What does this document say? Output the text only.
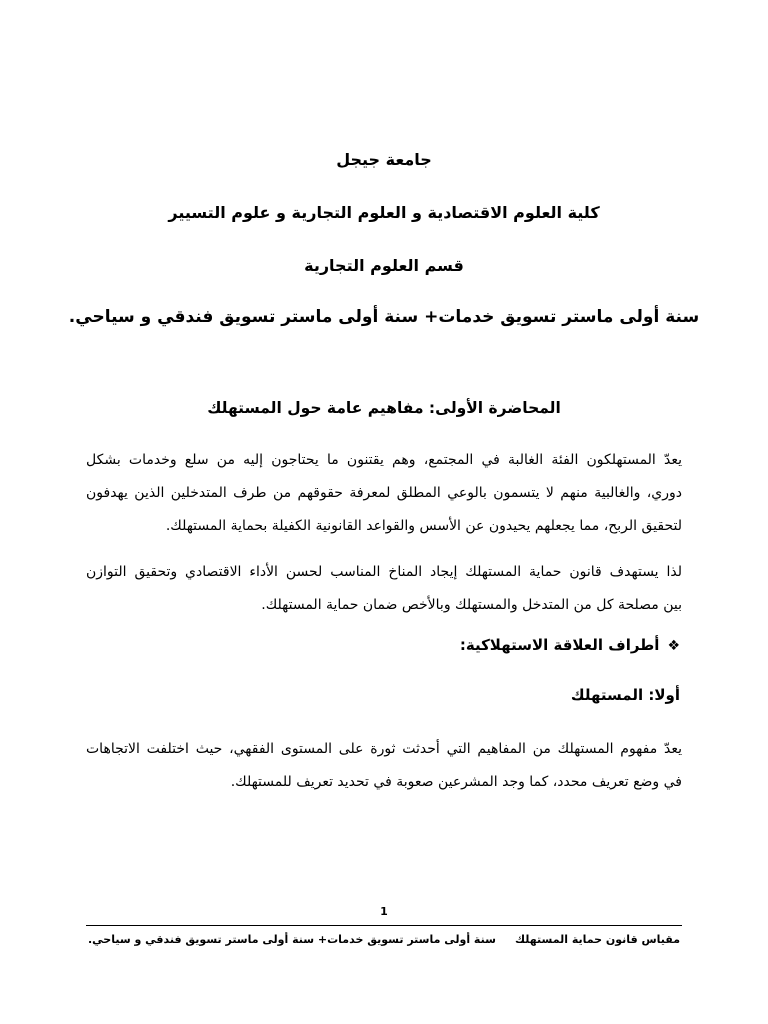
جامعة جيجل
كلية العلوم الاقتصادية و العلوم التجارية و علوم التسيير
قسم العلوم التجارية
سنة أولى ماستر تسويق خدمات+ سنة أولى ماستر تسويق فندقي و سياحي.
المحاضرة الأولى: مفاهيم عامة حول المستهلك
يعدّ المستهلكون الفئة الغالبة في المجتمع، وهم يقتنون ما يحتاجون إليه من سلع وخدمات بشكل
دوري، والغالبية منهم لا يتسمون بالوعي المطلق لمعرفة حقوقهم من طرف المتدخلين الذين يهدفون
لتحقيق الربح، مما يجعلهم يحيدون عن الأسس والقواعد القانونية الكفيلة بحماية المستهلك.
لذا يستهدف قانون حماية المستهلك إيجاد المناخ المناسب لحسن الأداء الاقتصادي وتحقيق التوازن
بين مصلحة كل من المتدخل والمستهلك وبالأخص ضمان حماية المستهلك.
❖أطراف العلاقة الاستهلاكية:
أولا: المستهلك
يعدّ مفهوم المستهلك من المفاهيم التي أحدثت ثورة على المستوى الفقهي، حيث اختلفت الاتجاهات
في وضع تعريف محدد، كما وجد المشرعين صعوبة في تحديد تعريف للمستهلك.
1
مقياس قانون حماية المستهلك
سنة أولى ماستر تسويق خدمات+ سنة أولى ماستر تسويق فندقي و سياحي.
